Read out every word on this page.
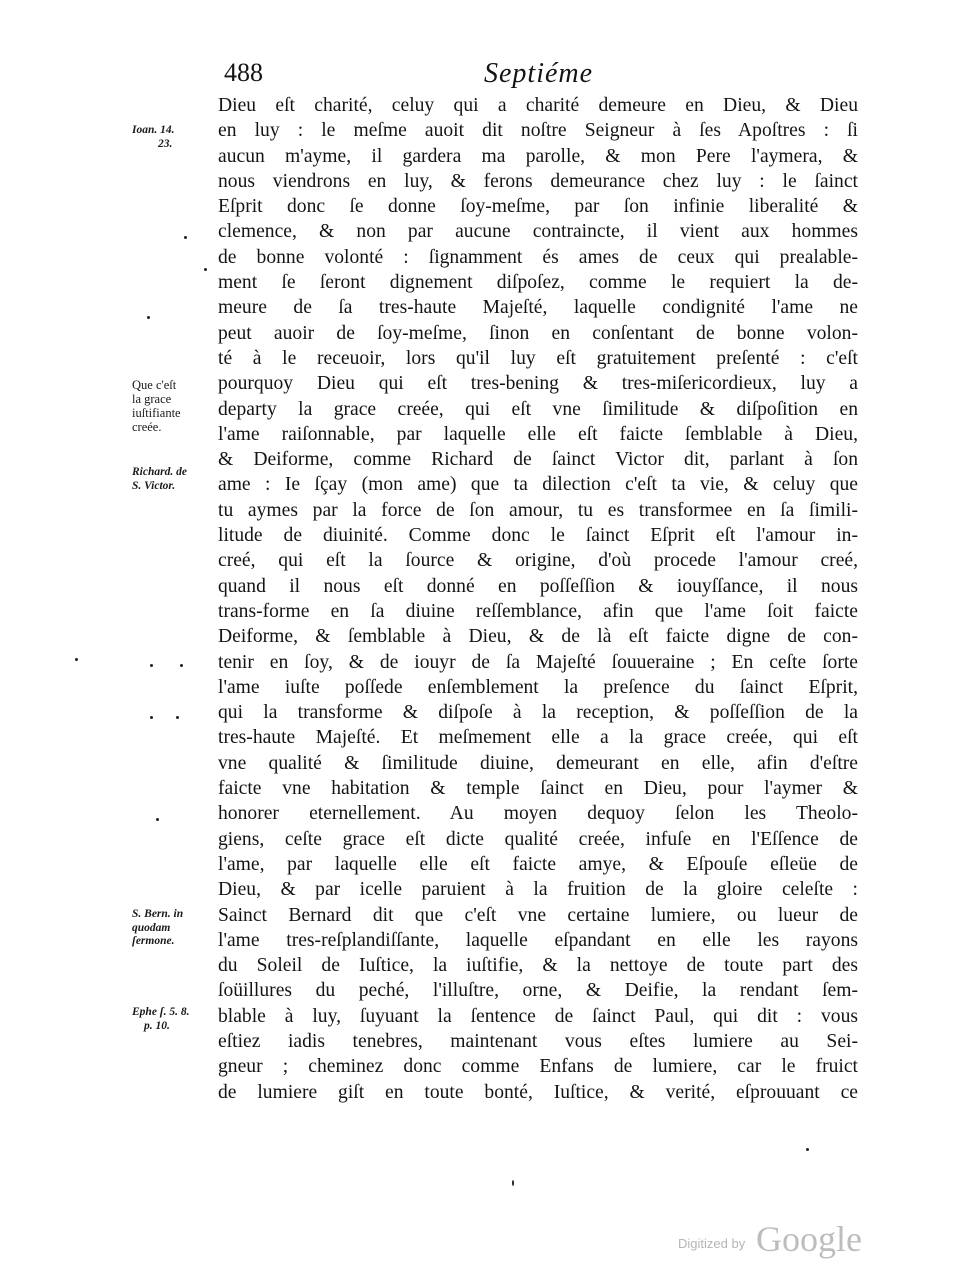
488	Septiéme
Dieu eſt charité, celuy qui a charité demeure en Dieu, & Dieu
en luy : le meſme auoit dit noſtre Seigneur à ſes Apoſtres : ſi
aucun m'ayme, il gardera ma parolle, & mon Pere l'aymera, &
nous viendrons en luy, & ferons demeurance chez luy : le ſainct
Eſprit donc ſe donne ſoy-meſme, par ſon infinie liberalité &
clemence, & non par aucune contraincte, il vient aux hommes
de bonne volonté : ſignamment és ames de ceux qui prealable-
ment ſe ſeront dignement diſpoſez, comme le requiert la de-
meure de ſa tres-haute Majeſté, laquelle condignité l'ame ne
peut auoir de ſoy-meſme, ſinon en conſentant de bonne volon-
té à le receuoir, lors qu'il luy eſt gratuitement preſenté : c'eſt
pourquoy Dieu qui eſt tres-bening & tres-miſericordieux, luy a
departy la grace creée, qui eſt vne ſimilitude & diſpoſition en
l'ame raiſonnable, par laquelle elle eſt faicte ſemblable à Dieu,
& Deiforme, comme Richard de ſainct Victor dit, parlant à ſon
ame : Ie ſçay (mon ame) que ta dilection c'eſt ta vie, & celuy que
tu aymes par la force de ſon amour, tu es transformee en ſa ſimili-
litude de diuinité. Comme donc le ſainct Eſprit eſt l'amour in-
creé, qui eſt la ſource & origine, d'où procede l'amour creé,
quand il nous eſt donné en poſſeſſion & iouyſſance, il nous
trans-forme en ſa diuine reſſemblance, afin que l'ame ſoit faicte
Deiforme, & ſemblable à Dieu, & de là eſt faicte digne de con-
tenir en ſoy, & de iouyr de ſa Majeſté ſouueraine ; En ceſte ſorte
l'ame iuſte poſſede enſemblement la preſence du ſainct Eſprit,
qui la transforme & diſpoſe à la reception, & poſſeſſion de la
tres-haute Majeſté. Et meſmement elle a la grace creée, qui eſt
vne qualité & ſimilitude diuine, demeurant en elle, afin d'eſtre
faicte vne habitation & temple ſainct en Dieu, pour l'aymer &
honorer eternellement. Au moyen dequoy ſelon les Theolo-
giens, ceſte grace eſt dicte qualité creée, infuſe en l'Eſſence de
l'ame, par laquelle elle eſt faicte amye, & Eſpouſe eſleüe de
Dieu, & par icelle paruient à la fruition de la gloire celeſte :
Sainct Bernard dit que c'eſt vne certaine lumiere, ou lueur de
l'ame tres-reſplandiſſante, laquelle eſpandant en elle les rayons
du Soleil de Iuſtice, la iuſtifie, & la nettoye de toute part des
ſoüillures du peché, l'illuſtre, orne, & Deifie, la rendant ſem-
blable à luy, ſuyuant la ſentence de ſainct Paul, qui dit : vous
eſtiez iadis tenebres, maintenant vous eſtes lumiere au Sei-
gneur ; cheminez donc comme Enfans de lumiere, car le fruict
de lumiere giſt en toute bonté, Iuſtice, & verité, eſprouuant ce
Ioan. 14.
23.
Que c'eſt
la grace
iuſtifiante
creée.
Richard. de
S. Victor.
S. Bern. in
quodam
ſermone.
Ephe ſ. 5. 8.
p. 10.
Digitized by Google
